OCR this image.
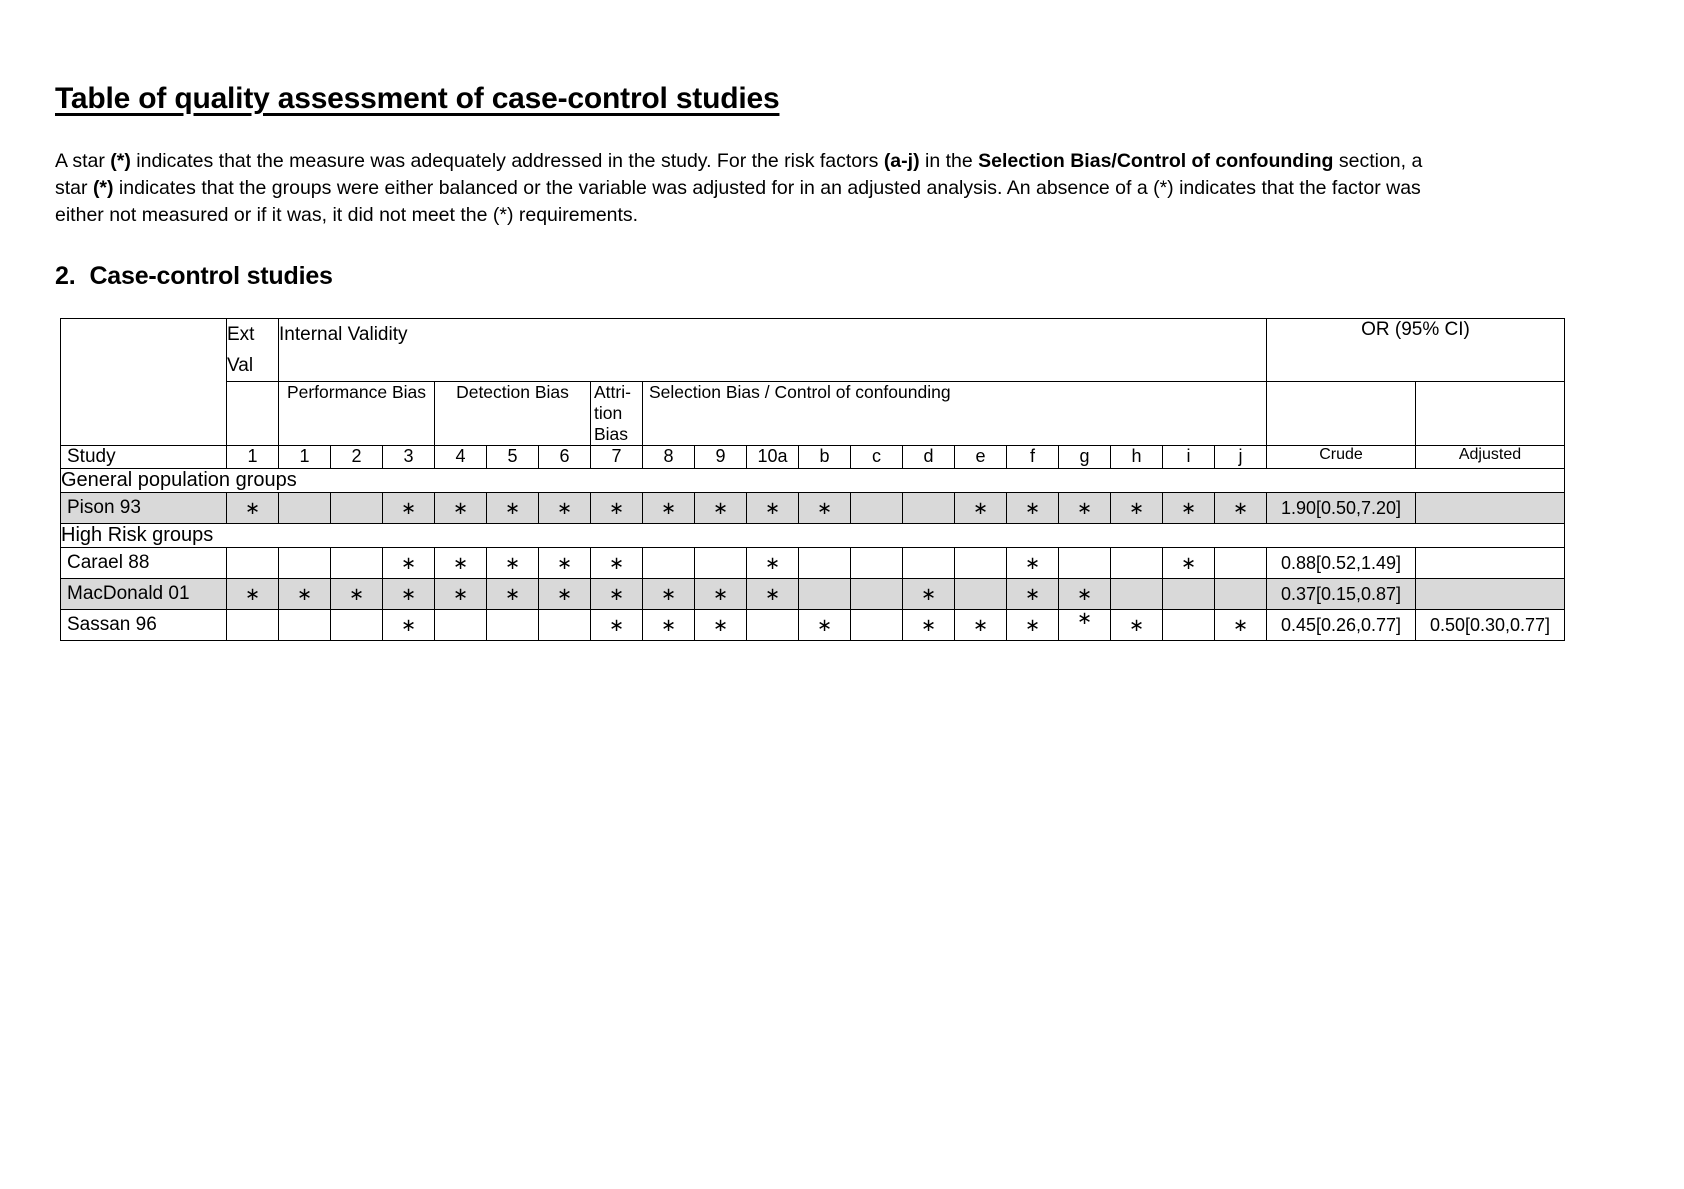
Table of quality assessment of case-control studies
A star (*) indicates that the measure was adequately addressed in the study. For the risk factors (a-j) in the Selection Bias/Control of confounding section, a star (*) indicates that the groups were either balanced or the variable was adjusted for in an adjusted analysis. An absence of a (*) indicates that the factor was either not measured or if it was, it did not meet the (*) requirements.
2. Case-control studies
	Ext Val	Internal Validity																			OR (95% CI)	
		Performance Bias			Detection Bias			Attri-
tion
Bias	Selection Bias / Control of confounding													
Study	1	1	2	3	4	5	6	7	8	9	10a	b	c	d	e	f	g	h	i	j	Crude	Adjusted
General population groups																						
Pison 93	∗			∗	∗	∗	∗	∗	∗	∗	∗	∗			∗	∗	∗	∗	∗	∗	1.90[0.50,7.20]	
High Risk groups																						
Carael 88				∗	∗	∗	∗	∗			∗					∗			∗		0.88[0.52,1.49]	
MacDonald 01	∗	∗	∗	∗	∗	∗	∗	∗	∗	∗	∗			∗		∗	∗				0.37[0.15,0.87]	
Sassan 96				∗				∗	∗	∗		∗		∗	∗	∗	∗	∗		∗	0.45[0.26,0.77]	0.50[0.30,0.77]
